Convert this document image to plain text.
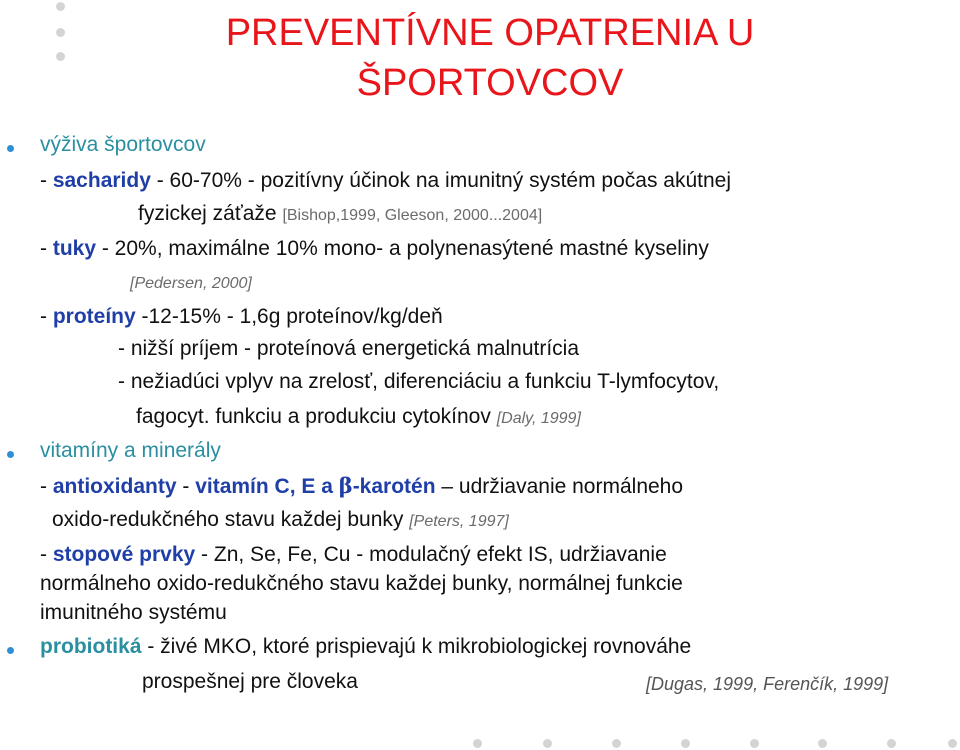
PREVENTÍVNE OPATRENIA U
ŠPORTOVCOV
výživa športovcov
- sacharidy - 60-70% - pozitívny účinok na imunitný systém počas akútnej
fyzickej záťaže [Bishop,1999, Gleeson, 2000...2004]
- tuky - 20%, maximálne 10% mono- a polynenasýtené mastné kyseliny
[Pedersen, 2000]
- proteíny -12-15% - 1,6g proteínov/kg/deň
- nižší príjem - proteínová energetická malnutrícia
- nežiadúci vplyv na zrelosť, diferenciáciu a funkciu T-lymfocytov,
fagocyt. funkciu a produkciu cytokínov [Daly, 1999]
vitamíny a minerály
- antioxidanty - vitamín C, E a β-karotén – udržiavanie normálneho
oxido-redukčného stavu každej bunky [Peters, 1997]
- stopové prvky - Zn, Se, Fe, Cu - modulačný efekt IS, udržiavanie
normálneho oxido-redukčného stavu každej bunky, normálnej funkcie
imunitného systému
probiotiká - živé MKO, ktoré prispievajú k mikrobiologickej rovnováhe
prospešnej pre človeka	[Dugas, 1999, Ferenčík, 1999]
